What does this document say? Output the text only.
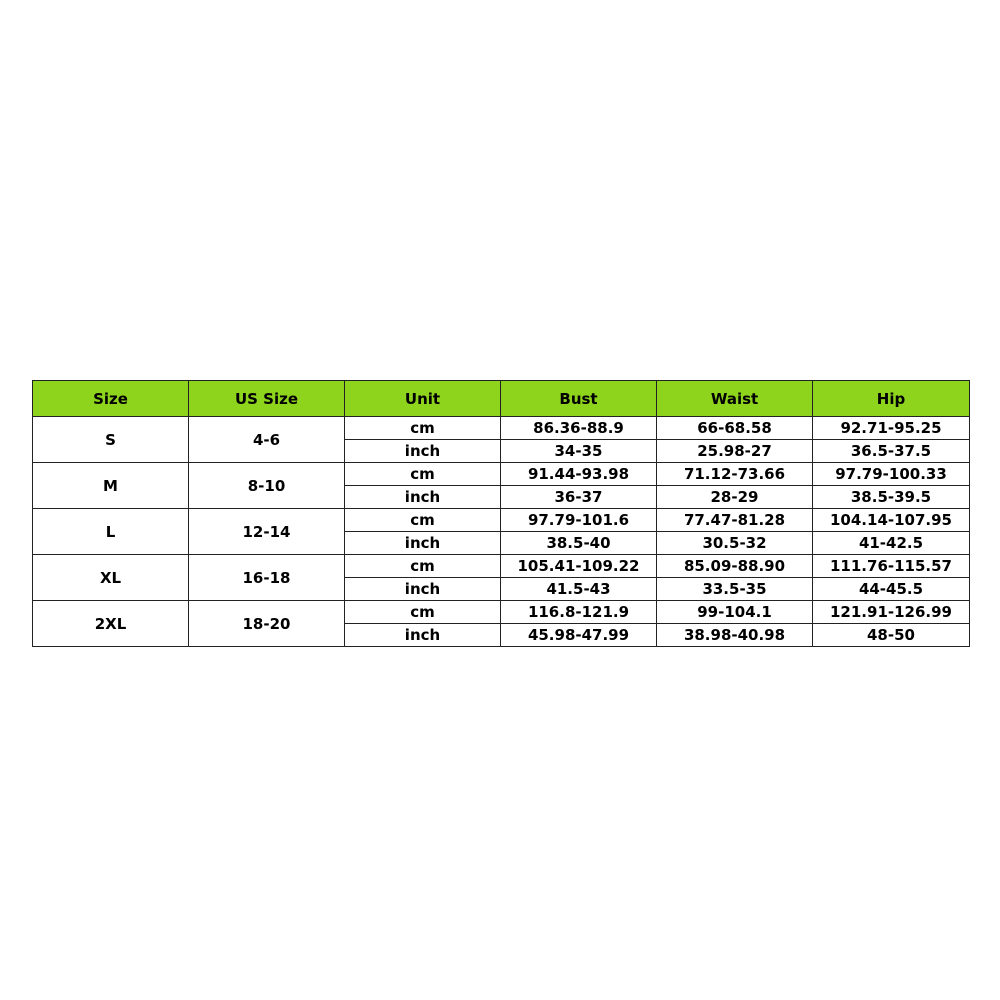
Size	US Size	Unit	Bust	Waist	Hip
S	4-6	cm	86.36-88.9	66-68.58	92.71-95.25
		inch	34-35	25.98-27	36.5-37.5
M	8-10	cm	91.44-93.98	71.12-73.66	97.79-100.33
		inch	36-37	28-29	38.5-39.5
L	12-14	cm	97.79-101.6	77.47-81.28	104.14-107.95
		inch	38.5-40	30.5-32	41-42.5
XL	16-18	cm	105.41-109.22	85.09-88.90	111.76-115.57
		inch	41.5-43	33.5-35	44-45.5
2XL	18-20	cm	116.8-121.9	99-104.1	121.91-126.99
		inch	45.98-47.99	38.98-40.98	48-50
